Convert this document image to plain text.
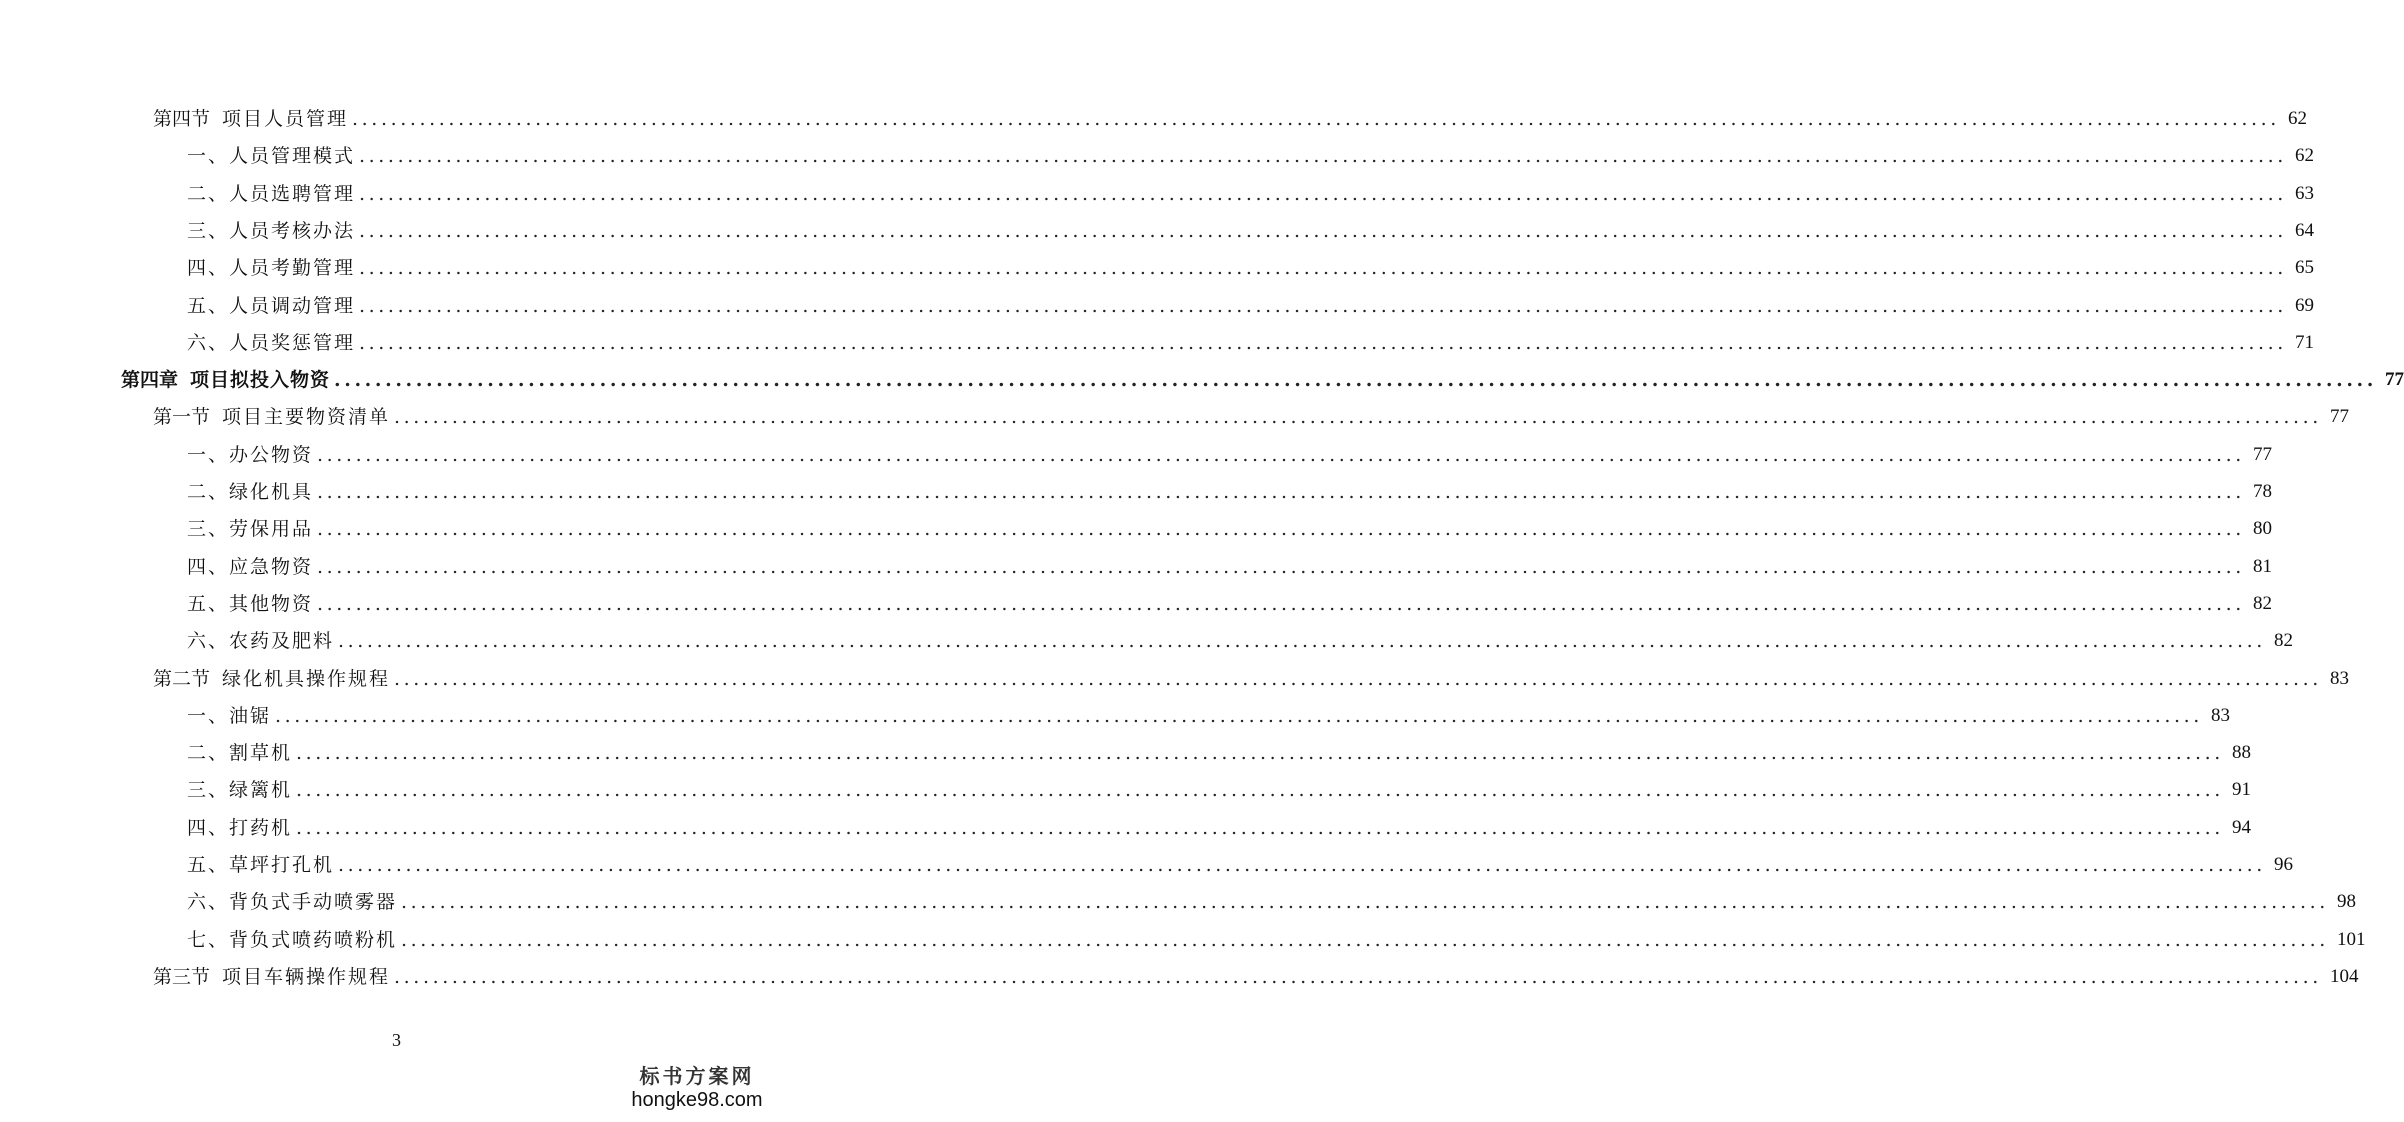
第四节 项目人员管理 ........................................................................................................................................................................................................ 62
一、人员管理模式 ........................................................................................................................................................................................................ 62
二、人员选聘管理 ........................................................................................................................................................................................................ 63
三、人员考核办法 ........................................................................................................................................................................................................ 64
四、人员考勤管理 ........................................................................................................................................................................................................ 65
五、人员调动管理 ........................................................................................................................................................................................................ 69
六、人员奖惩管理 ........................................................................................................................................................................................................ 71
第四章 项目拟投入物资 ........................................................................................................................................................................................................ 77
第一节 项目主要物资清单 ........................................................................................................................................................................................................ 77
一、办公物资 ........................................................................................................................................................................................................ 77
二、绿化机具 ........................................................................................................................................................................................................ 78
三、劳保用品 ........................................................................................................................................................................................................ 80
四、应急物资 ........................................................................................................................................................................................................ 81
五、其他物资 ........................................................................................................................................................................................................ 82
六、农药及肥料 ........................................................................................................................................................................................................ 82
第二节 绿化机具操作规程 ........................................................................................................................................................................................................ 83
一、油锯 ........................................................................................................................................................................................................ 83
二、割草机 ........................................................................................................................................................................................................ 88
三、绿篱机 ........................................................................................................................................................................................................ 91
四、打药机 ........................................................................................................................................................................................................ 94
五、草坪打孔机 ........................................................................................................................................................................................................ 96
六、背负式手动喷雾器 ........................................................................................................................................................................................................ 98
七、背负式喷药喷粉机 ........................................................................................................................................................................................................ 101
第三节 项目车辆操作规程 ........................................................................................................................................................................................................ 104
3
标书方案网
hongke98.com
